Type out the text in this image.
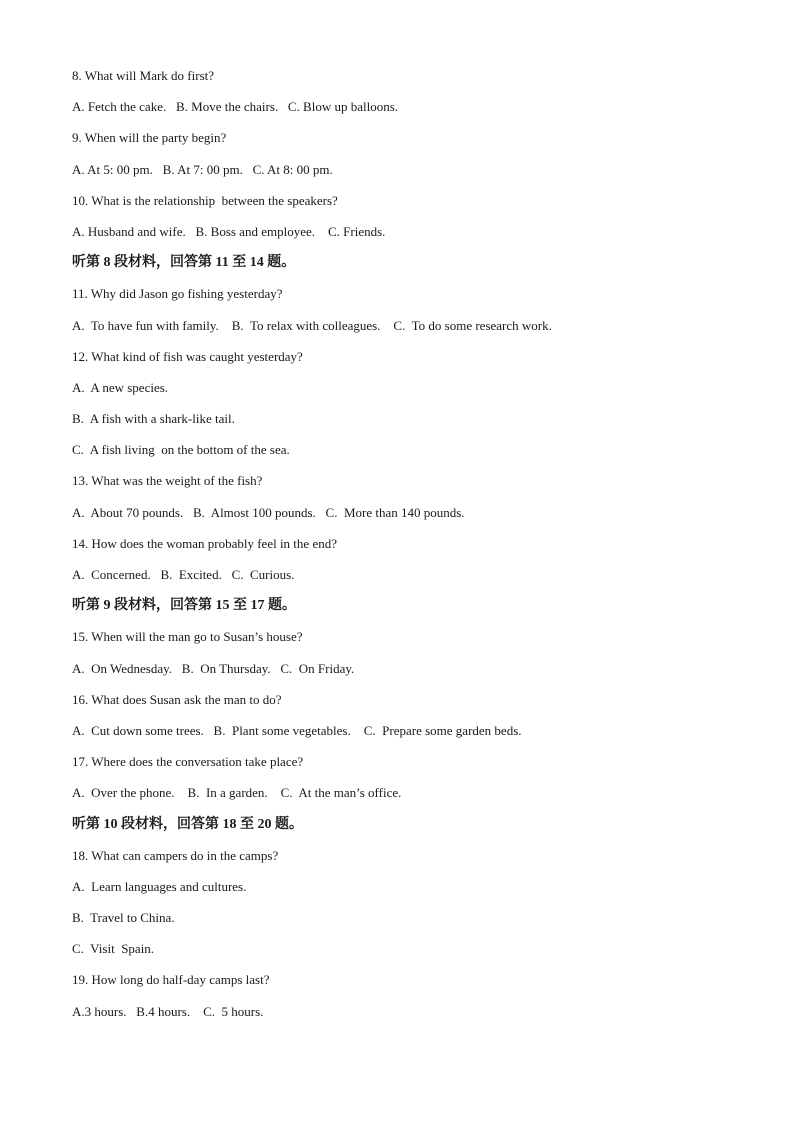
8. What will Mark do first?
A. Fetch the cake.   B. Move the chairs.   C. Blow up balloons.
9. When will the party begin?
A. At 5: 00 pm.   B. At 7: 00 pm.   C. At 8: 00 pm.
10. What is the relationship  between the speakers?
A. Husband and wife.   B. Boss and employee.    C. Friends.
听第 8 段材料，回答第 11 至 14 题。
11. Why did Jason go fishing yesterday?
A.  To have fun with family.    B.  To relax with colleagues.    C.  To do some research work.
12. What kind of fish was caught yesterday?
A.  A new species.
B.  A fish with a shark-like tail.
C.  A fish living  on the bottom of the sea.
13. What was the weight of the fish?
A.  About 70 pounds.   B.  Almost 100 pounds.   C.  More than 140 pounds.
14. How does the woman probably feel in the end?
A.  Concerned.   B.  Excited.   C.  Curious.
听第 9 段材料，回答第 15 至 17 题。
15. When will the man go to Susan’s house?
A.  On Wednesday.   B.  On Thursday.   C.  On Friday.
16. What does Susan ask the man to do?
A.  Cut down some trees.   B.  Plant some vegetables.    C.  Prepare some garden beds.
17. Where does the conversation take place?
A.  Over the phone.    B.  In a garden.    C.  At the man’s office.
听第 10 段材料，回答第 18 至 20 题。
18. What can campers do in the camps?
A.  Learn languages and cultures.
B.  Travel to China.
C.  Visit  Spain.
19. How long do half-day camps last?
A.3 hours.   B.4 hours.    C.  5 hours.
